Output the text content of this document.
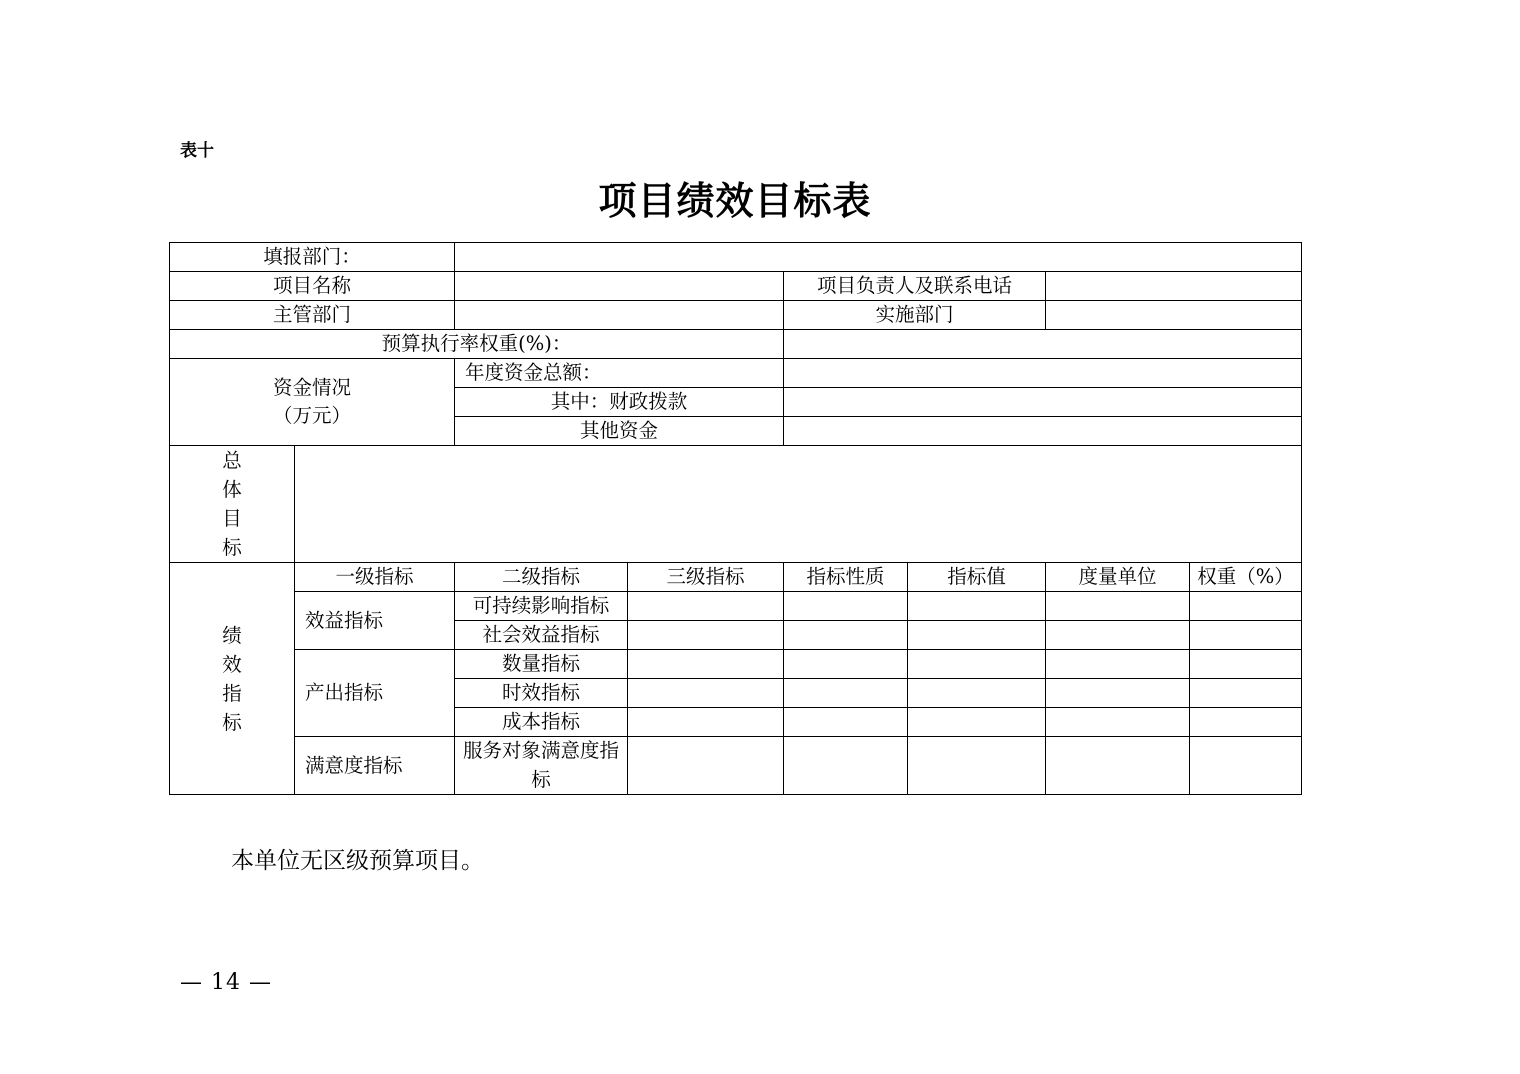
表十
项目绩效目标表
填报部门：							
项目名称				项目负责人及联系电话			
主管部门				实施部门			
预算执行率权重(%)：							

资金情况
（万元）		年度资金总额：					
		其中：财政拨款					
		其他资金					

总体目标							

绩效指标	一级指标	二级指标	三级指标	指标性质	指标值	度量单位	权重（%）
	效益指标	可持续影响指标					
		社会效益指标					
	产出指标	数量指标					
		时效指标					
		成本指标					
	满意度指标	服务对象满意度指标					

本单位无区级预算项目。
— 14 —
